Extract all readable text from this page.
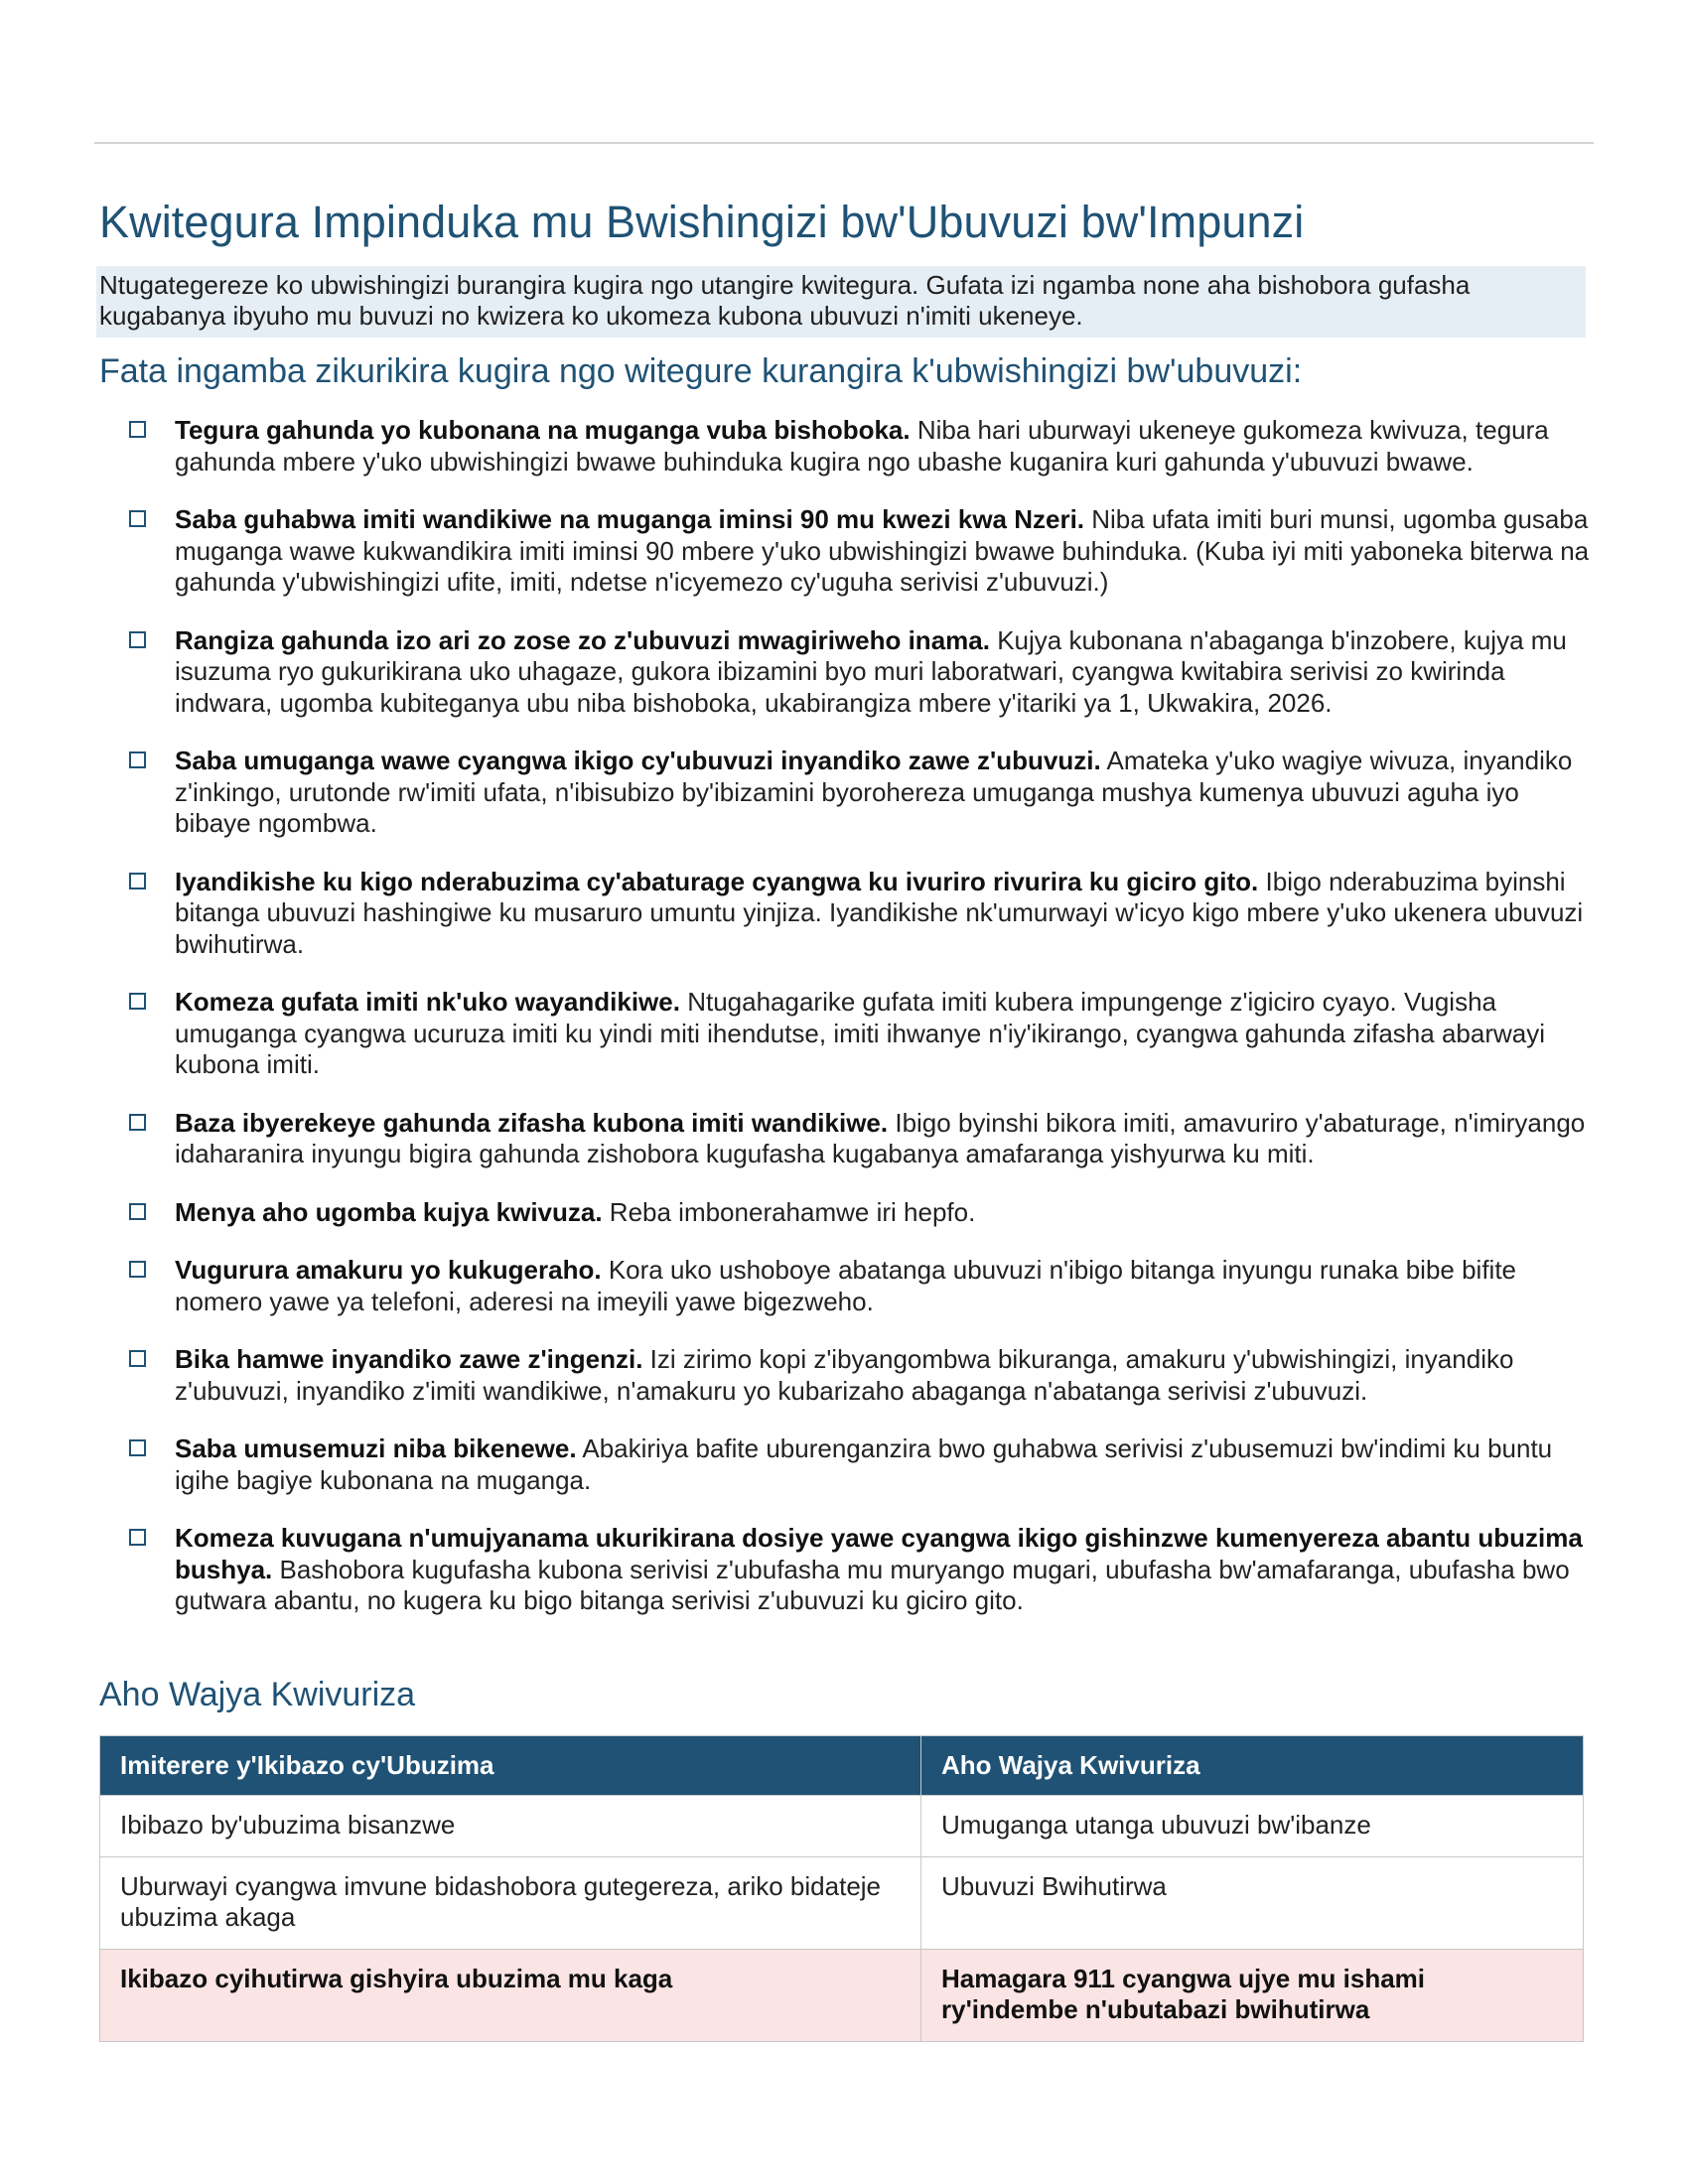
Kwitegura Impinduka mu Bwishingizi bw'Ubuvuzi bw'Impunzi
Ntugategereze ko ubwishingizi burangira kugira ngo utangire kwitegura. Gufata izi ngamba none aha bishobora gufasha kugabanya ibyuho mu buvuzi no kwizera ko ukomeza kubona ubuvuzi n'imiti ukeneye.
Fata ingamba zikurikira kugira ngo witegure kurangira k'ubwishingizi bw'ubuvuzi:
Tegura gahunda yo kubonana na muganga vuba bishoboka. Niba hari uburwayi ukeneye gukomeza kwivuza, tegura gahunda mbere y'uko ubwishingizi bwawe buhinduka kugira ngo ubashe kuganira kuri gahunda y'ubuvuzi bwawe.
Saba guhabwa imiti wandikiwe na muganga iminsi 90 mu kwezi kwa Nzeri. Niba ufata imiti buri munsi, ugomba gusaba muganga wawe kukwandikira imiti iminsi 90 mbere y'uko ubwishingizi bwawe buhinduka. (Kuba iyi miti yaboneka biterwa na gahunda y'ubwishingizi ufite, imiti, ndetse n'icyemezo cy'uguha serivisi z'ubuvuzi.)
Rangiza gahunda izo ari zo zose zo z'ubuvuzi mwagiriweho inama. Kujya kubonana n'abaganga b'inzobere, kujya mu isuzuma ryo gukurikirana uko uhagaze, gukora ibizamini byo muri laboratwari, cyangwa kwitabira serivisi zo kwirinda indwara, ugomba kubiteganya ubu niba bishoboka, ukabirangiza mbere y'itariki ya 1, Ukwakira, 2026.
Saba umuganga wawe cyangwa ikigo cy'ubuvuzi inyandiko zawe z'ubuvuzi. Amateka y'uko wagiye wivuza, inyandiko z'inkingo, urutonde rw'imiti ufata, n'ibisubizo by'ibizamini byorohereza umuganga mushya kumenya ubuvuzi aguha iyo bibaye ngombwa.
Iyandikishe ku kigo nderabuzima cy'abaturage cyangwa ku ivuriro rivurira ku giciro gito. Ibigo nderabuzima byinshi bitanga ubuvuzi hashingiwe ku musaruro umuntu yinjiza. Iyandikishe nk'umurwayi w'icyo kigo mbere y'uko ukenera ubuvuzi bwihutirwa.
Komeza gufata imiti nk'uko wayandikiwe. Ntugahagarike gufata imiti kubera impungenge z'igiciro cyayo. Vugisha umuganga cyangwa ucuruza imiti ku yindi miti ihendutse, imiti ihwanye n'iy'ikirango, cyangwa gahunda zifasha abarwayi kubona imiti.
Baza ibyerekeye gahunda zifasha kubona imiti wandikiwe. Ibigo byinshi bikora imiti, amavuriro y'abaturage, n'imiryango idaharanira inyungu bigira gahunda zishobora kugufasha kugabanya amafaranga yishyurwa ku miti.
Menya aho ugomba kujya kwivuza. Reba imbonerahamwe iri hepfo.
Vugurura amakuru yo kukugeraho. Kora uko ushoboye abatanga ubuvuzi n'ibigo bitanga inyungu runaka bibe bifite nomero yawe ya telefoni, aderesi na imeyili yawe bigezweho.
Bika hamwe inyandiko zawe z'ingenzi. Izi zirimo kopi z'ibyangombwa bikuranga, amakuru y'ubwishingizi, inyandiko z'ubuvuzi, inyandiko z'imiti wandikiwe, n'amakuru yo kubarizaho abaganga n'abatanga serivisi z'ubuvuzi.
Saba umusemuzi niba bikenewe. Abakiriya bafite uburenganzira bwo guhabwa serivisi z'ubusemuzi bw'indimi ku buntu igihe bagiye kubonana na muganga.
Komeza kuvugana n'umujyanama ukurikirana dosiye yawe cyangwa ikigo gishinzwe kumenyereza abantu ubuzima bushya. Bashobora kugufasha kubona serivisi z'ubufasha mu muryango mugari, ubufasha bw'amafaranga, ubufasha bwo gutwara abantu, no kugera ku bigo bitanga serivisi z'ubuvuzi ku giciro gito.
Aho Wajya Kwivuriza
Imiterere y'Ikibazo cy'Ubuzima	Aho Wajya Kwivuriza
Ibibazo by'ubuzima bisanzwe	Umuganga utanga ubuvuzi bw'ibanze
Uburwayi cyangwa imvune bidashobora gutegereza, ariko bidateje ubuzima akaga	Ubuvuzi Bwihutirwa
Ikibazo cyihutirwa gishyira ubuzima mu kaga	Hamagara 911 cyangwa ujye mu ishami ry'indembe n'ubutabazi bwihutirwa
